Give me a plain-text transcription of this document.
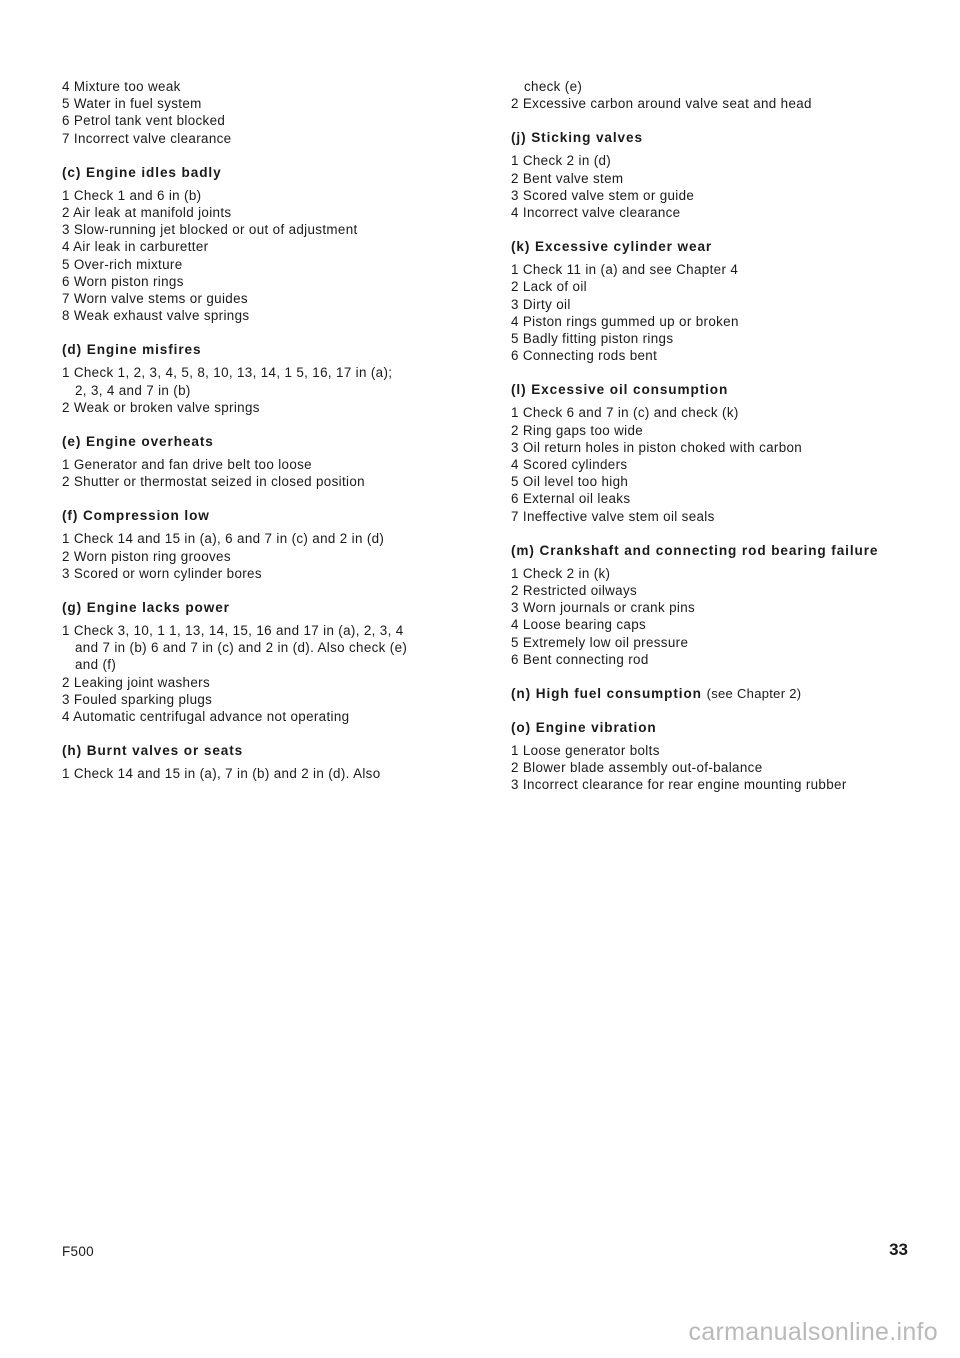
4 Mixture too weak
5 Water in fuel system
6 Petrol tank vent blocked
7 Incorrect valve clearance
(c) Engine idles badly
1 Check 1 and 6 in (b)
2 Air leak at manifold joints
3 Slow-running jet blocked or out of adjustment
4 Air leak in carburetter
5 Over-rich mixture
6 Worn piston rings
7 Worn valve stems or guides
8 Weak exhaust valve springs
(d) Engine misfires
1 Check 1, 2, 3, 4, 5, 8, 10, 13, 14, 1 5, 16, 17 in (a);
2, 3, 4 and 7 in (b)
2 Weak or broken valve springs
(e) Engine overheats
1 Generator and fan drive belt too loose
2 Shutter or thermostat seized in closed position
(f) Compression low
1 Check 14 and 15 in (a), 6 and 7 in (c) and 2 in (d)
2 Worn piston ring grooves
3 Scored or worn cylinder bores
(g) Engine lacks power
1 Check 3, 10, 1 1, 13, 14, 15, 16 and 17 in (a), 2, 3, 4
and 7 in (b) 6 and 7 in (c) and 2 in (d). Also check (e)
and (f)
2 Leaking joint washers
3 Fouled sparking plugs
4 Automatic centrifugal advance not operating
(h) Burnt valves or seats
1 Check 14 and 15 in (a), 7 in (b) and 2 in (d). Also
check (e)
2 Excessive carbon around valve seat and head
(j) Sticking valves
1 Check 2 in (d)
2 Bent valve stem
3 Scored valve stem or guide
4 Incorrect valve clearance
(k) Excessive cylinder wear
1 Check 11 in (a) and see Chapter 4
2 Lack of oil
3 Dirty oil
4 Piston rings gummed up or broken
5 Badly fitting piston rings
6 Connecting rods bent
(l) Excessive oil consumption
1 Check 6 and 7 in (c) and check (k)
2 Ring gaps too wide
3 Oil return holes in piston choked with carbon
4 Scored cylinders
5 Oil level too high
6 External oil leaks
7 Ineffective valve stem oil seals
(m) Crankshaft and connecting rod bearing failure
1 Check 2 in (k)
2 Restricted oilways
3 Worn journals or crank pins
4 Loose bearing caps
5 Extremely low oil pressure
6 Bent connecting rod
(n) High fuel consumption (see Chapter 2)
(o) Engine vibration
1 Loose generator bolts
2 Blower blade assembly out-of-balance
3 Incorrect clearance for rear engine mounting rubber
F500	33
carmanualsonline.info
